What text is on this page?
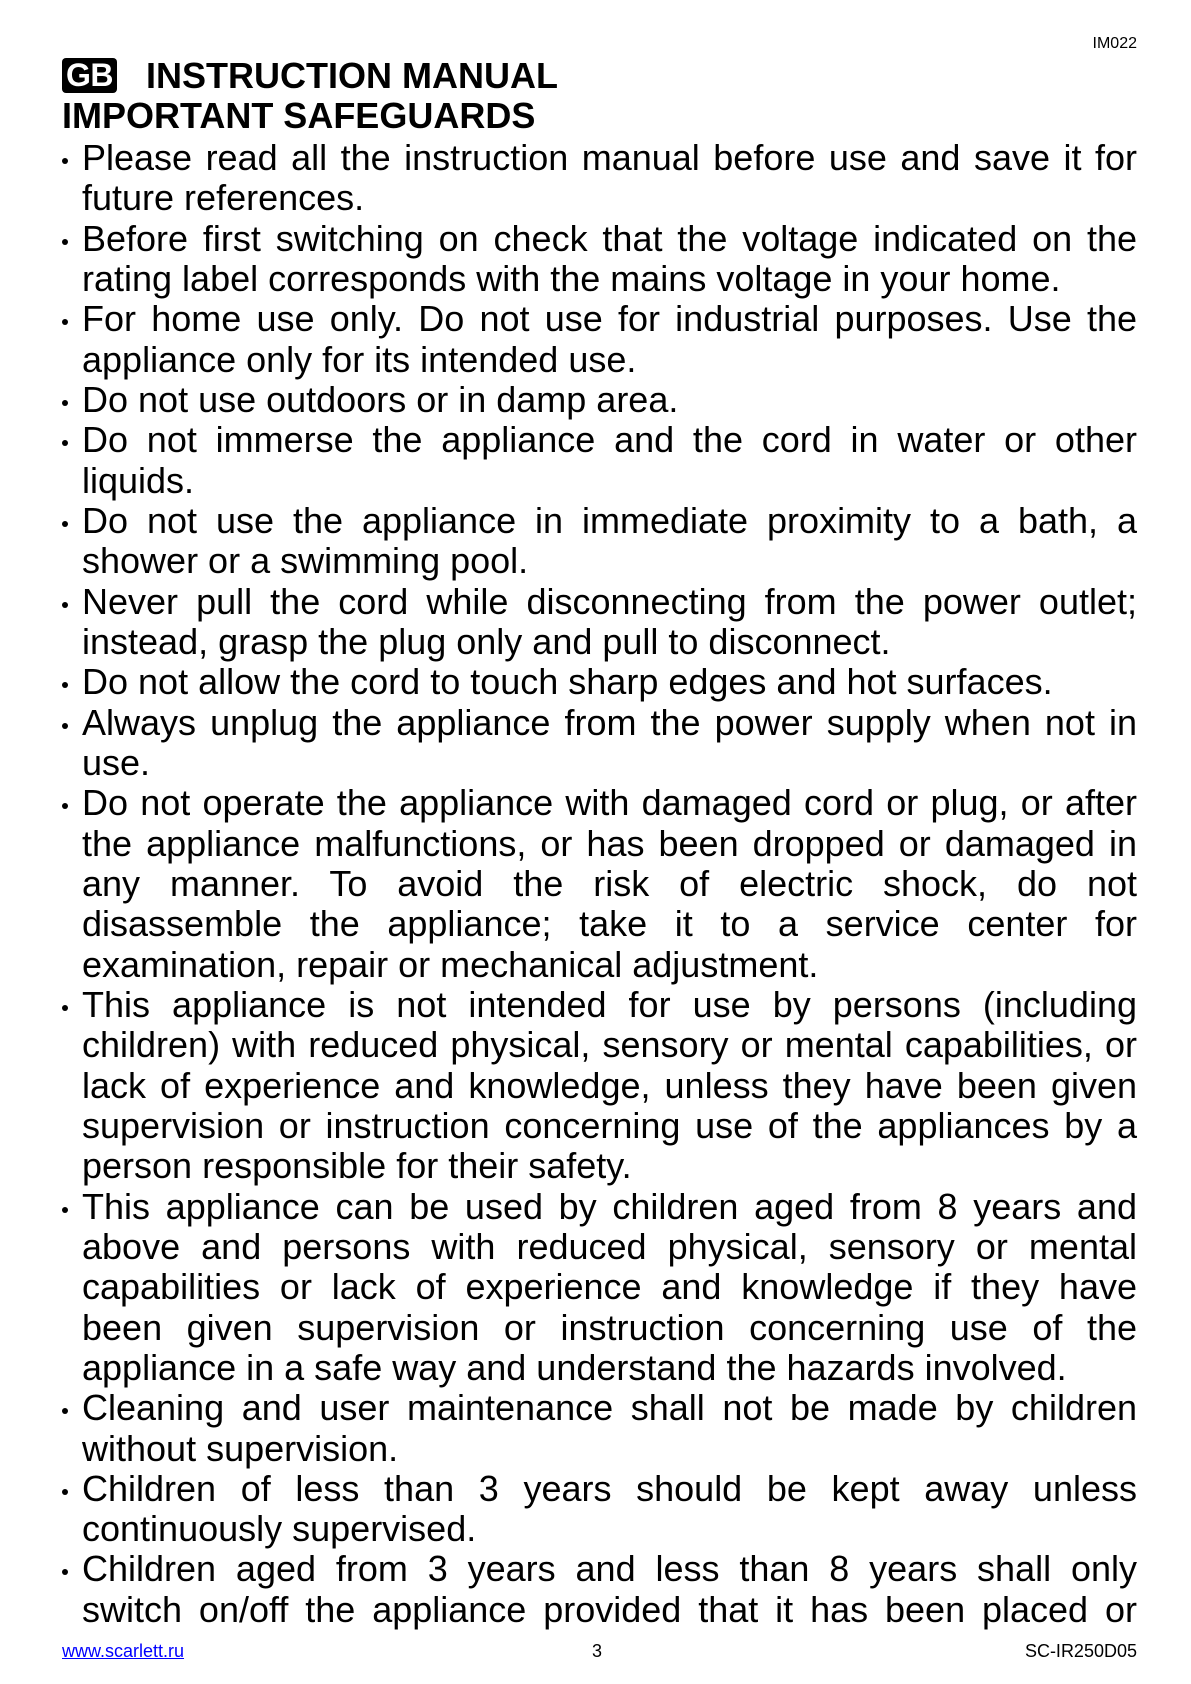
IM022
GB INSTRUCTION MANUAL
IMPORTANT SAFEGUARDS
Please read all the instruction manual before use and save it for
future references.
Before first switching on check that the voltage indicated on the
rating label corresponds with the mains voltage in your home.
For home use only. Do not use for industrial purposes. Use the
appliance only for its intended use.
Do not use outdoors or in damp area.
Do not immerse the appliance and the cord in water or other
liquids.
Do not use the appliance in immediate proximity to a bath, a
shower or a swimming pool.
Never pull the cord while disconnecting from the power outlet;
instead, grasp the plug only and pull to disconnect.
Do not allow the cord to touch sharp edges and hot surfaces.
Always unplug the appliance from the power supply when not in
use.
Do not operate the appliance with damaged cord or plug, or after
the appliance malfunctions, or has been dropped or damaged in
any manner. To avoid the risk of electric shock, do not
disassemble the appliance; take it to a service center for
examination, repair or mechanical adjustment.
This appliance is not intended for use by persons (including
children) with reduced physical, sensory or mental capabilities, or
lack of experience and knowledge, unless they have been given
supervision or instruction concerning use of the appliances by a
person responsible for their safety.
This appliance can be used by children aged from 8 years and
above and persons with reduced physical, sensory or mental
capabilities or lack of experience and knowledge if they have
been given supervision or instruction concerning use of the
appliance in a safe way and understand the hazards involved.
Cleaning and user maintenance shall not be made by children
without supervision.
Children of less than 3 years should be kept away unless
continuously supervised.
Children aged from 3 years and less than 8 years shall only
switch on/off the appliance provided that it has been placed or
www.scarlett.ru	3	SC-IR250D05
